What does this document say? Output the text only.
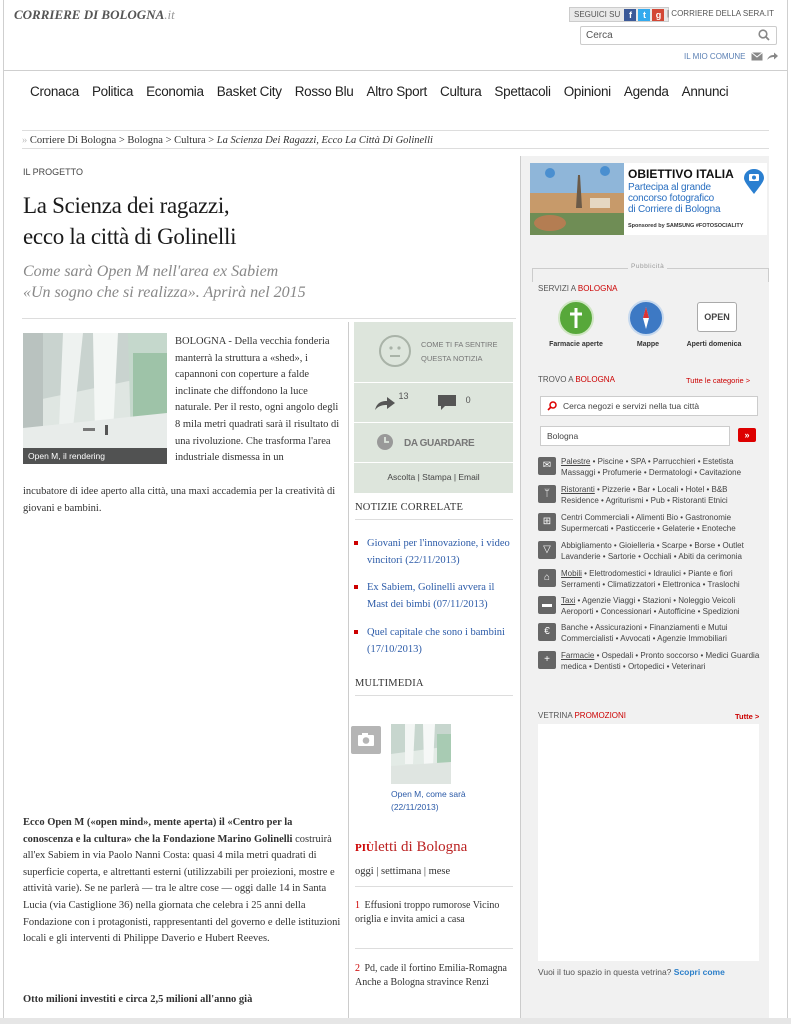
CORRIERE DI BOLOGNA.it	SEGUICI SU f t g | CORRIERE DELLA SERA.IT
Cerca
IL MIO COMUNE
Cronaca Politica Economia Basket City Rosso Blu Altro Sport Cultura Spettacoli Opinioni Agenda Annunci
» Corriere Di Bologna > Bologna > Cultura > La Scienza Dei Ragazzi, Ecco La Città Di Golinelli
IL PROGETTO
La Scienza dei ragazzi,
ecco la città di Golinelli
Come sarà Open M nell'area ex Sabiem
«Un sogno che si realizza». Aprirà nel 2015
Open M, il rendering
BOLOGNA - Della vecchia fonderia manterrà la struttura a «shed», i capannoni con coperture a falde inclinate che diffondono la luce naturale. Per il resto, ogni angolo degli 8 mila metri quadrati sarà il risultato di una rivoluzione. Che trasforma l'area industriale dismessa in un
incubatore di idee aperto alla città, una maxi accademia per la creatività di giovani e bambini.
Ecco Open M («open mind», mente aperta) il «Centro per la conoscenza e la cultura» che la Fondazione Marino Golinelli costruirà all'ex Sabiem in via Paolo Nanni Costa: quasi 4 mila metri quadrati di superficie coperta, e altrettanti esterni (utilizzabili per proiezioni, mostre e attività varie). Se ne parlerà — tra le altre cose — oggi dalle 14 in Santa Lucia (via Castiglione 36) nella giornata che celebra i 25 anni della Fondazione con i protagonisti, rappresentanti del governo e delle istituzioni locali e gli interventi di Philippe Daverio e Hubert Reeves.
Otto milioni investiti e circa 2,5 milioni all'anno già
COME TI FA SENTIRE
QUESTA NOTIZIA
13	0
DA GUARDARE
Ascolta | Stampa | Email
NOTIZIE CORRELATE
Giovani per l'innovazione, i video vincitori (22/11/2013)
Ex Sabiem, Golinelli avvera il Mast dei bimbi (07/11/2013)
Quel capitale che sono i bambini (17/10/2013)
MULTIMEDIA
Open M, come sarà
(22/11/2013)
PIÙletti di Bologna
oggi | settimana | mese
1 Effusioni troppo rumorose Vicino origlia e invita amici a casa
2 Pd, cade il fortino Emilia-Romagna Anche a Bologna stravince Renzi
OBIETTIVO ITALIA
Partecipa al grande
concorso fotografico
di Corriere di Bologna
Sponsored by SAMSUNG #FOTOSOCIALITY
Pubblicità
SERVIZI A BOLOGNA
OPEN
Farmacie aperte	Mappe	Aperti domenica
TROVO A BOLOGNA	Tutte le categorie >
Cerca negozi e servizi nella tua città
Bologna	»
✉	Palestre • Piscine • SPA • Parrucchieri • Estetista Massaggi • Profumerie • Dermatologi • Cavitazione
ᛘ	Ristoranti • Pizzerie • Bar • Locali • Hotel • B&B Residence • Agriturismi • Pub • Ristoranti Etnici
⊞	Centri Commerciali • Alimenti Bio • Gastronomie Supermercati • Pasticcerie • Gelaterie • Enoteche
▽	Abbigliamento • Gioielleria • Scarpe • Borse • Outlet Lavanderie • Sartorie • Occhiali • Abiti da cerimonia
⌂	Mobili • Elettrodomestici • Idraulici • Piante e fiori Serramenti • Climatizzatori • Elettronica • Traslochi
▬	Taxi • Agenzie Viaggi • Stazioni • Noleggio Veicoli Aeroporti • Concessionari • Autofficine • Spedizioni
€	Banche • Assicurazioni • Finanziamenti e Mutui Commercialisti • Avvocati • Agenzie Immobiliari
+	Farmacie • Ospedali • Pronto soccorso • Medici Guardia medica • Dentisti • Ortopedici • Veterinari
VETRINA PROMOZIONI	Tutte >
Vuoi il tuo spazio in questa vetrina? Scopri come
